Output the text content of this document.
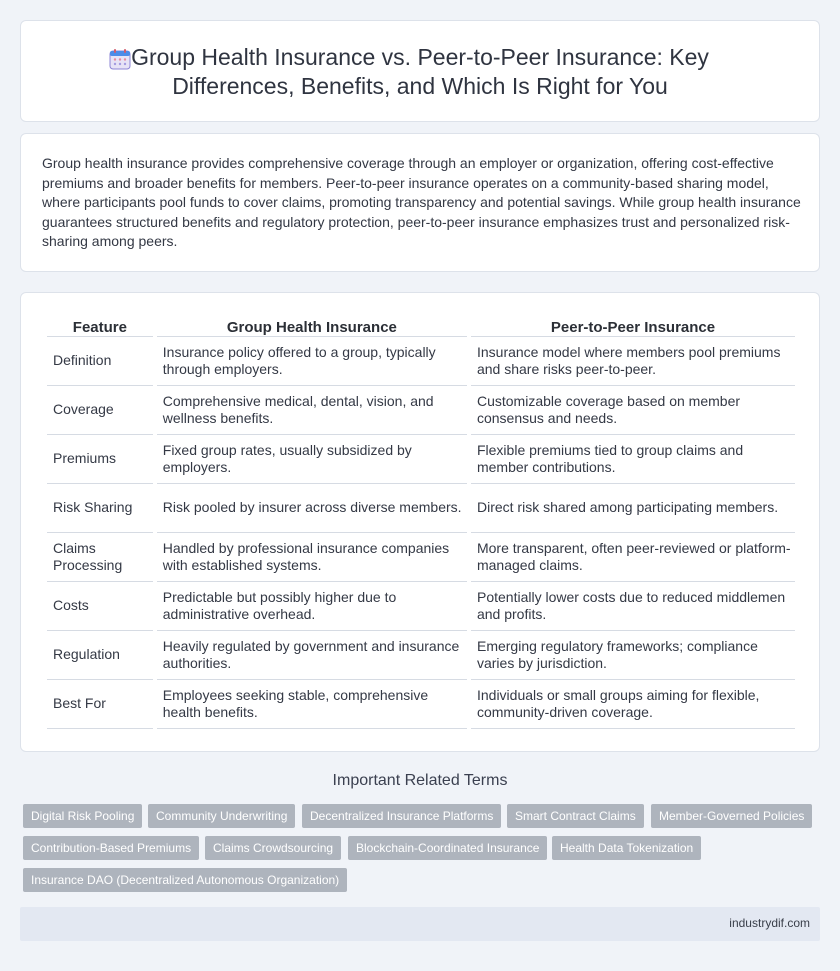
Group Health Insurance vs. Peer-to-Peer Insurance: Key Differences, Benefits, and Which Is Right for You

Group health insurance provides comprehensive coverage through an employer or organization, offering cost-effective premiums and broader benefits for members. Peer-to-peer insurance operates on a community-based sharing model, where participants pool funds to cover claims, promoting transparency and potential savings. While group health insurance guarantees structured benefits and regulatory protection, peer-to-peer insurance emphasizes trust and personalized risk-sharing among peers.

Feature	Group Health Insurance	Peer-to-Peer Insurance
Definition	Insurance policy offered to a group, typically through employers.	Insurance model where members pool premiums and share risks peer-to-peer.
Coverage	Comprehensive medical, dental, vision, and wellness benefits.	Customizable coverage based on member consensus and needs.
Premiums	Fixed group rates, usually subsidized by employers.	Flexible premiums tied to group claims and member contributions.
Risk Sharing	Risk pooled by insurer across diverse members.	Direct risk shared among participating members.
Claims Processing	Handled by professional insurance companies with established systems.	More transparent, often peer-reviewed or platform-managed claims.
Costs	Predictable but possibly higher due to administrative overhead.	Potentially lower costs due to reduced middlemen and profits.
Regulation	Heavily regulated by government and insurance authorities.	Emerging regulatory frameworks; compliance varies by jurisdiction.
Best For	Employees seeking stable, comprehensive health benefits.	Individuals or small groups aiming for flexible, community-driven coverage.
Important Related Terms
Digital Risk Pooling	Community Underwriting	Decentralized Insurance Platforms	Smart Contract Claims	Member-Governed Policies
Contribution-Based Premiums	Claims Crowdsourcing	Blockchain-Coordinated Insurance	Health Data Tokenization
Insurance DAO (Decentralized Autonomous Organization)
industrydif.com
